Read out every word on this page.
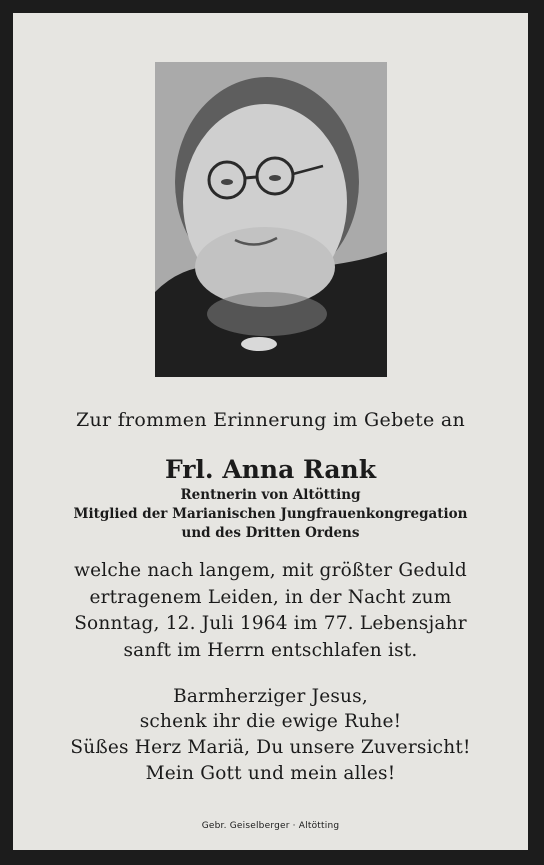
Zur frommen Erinnerung im Gebete an
Frl. Anna Rank
Rentnerin von Altötting
Mitglied der Marianischen Jungfrauenkongregation
und des Dritten Ordens
welche nach langem, mit größter Geduld
ertragenem Leiden, in der Nacht zum
Sonntag, 12. Juli 1964 im 77. Lebensjahr
sanft im Herrn entschlafen ist.
Barmherziger Jesus,
schenk ihr die ewige Ruhe!
Süßes Herz Mariä, Du unsere Zuversicht!
Mein Gott und mein alles!
Gebr. Geiselberger · Altötting
